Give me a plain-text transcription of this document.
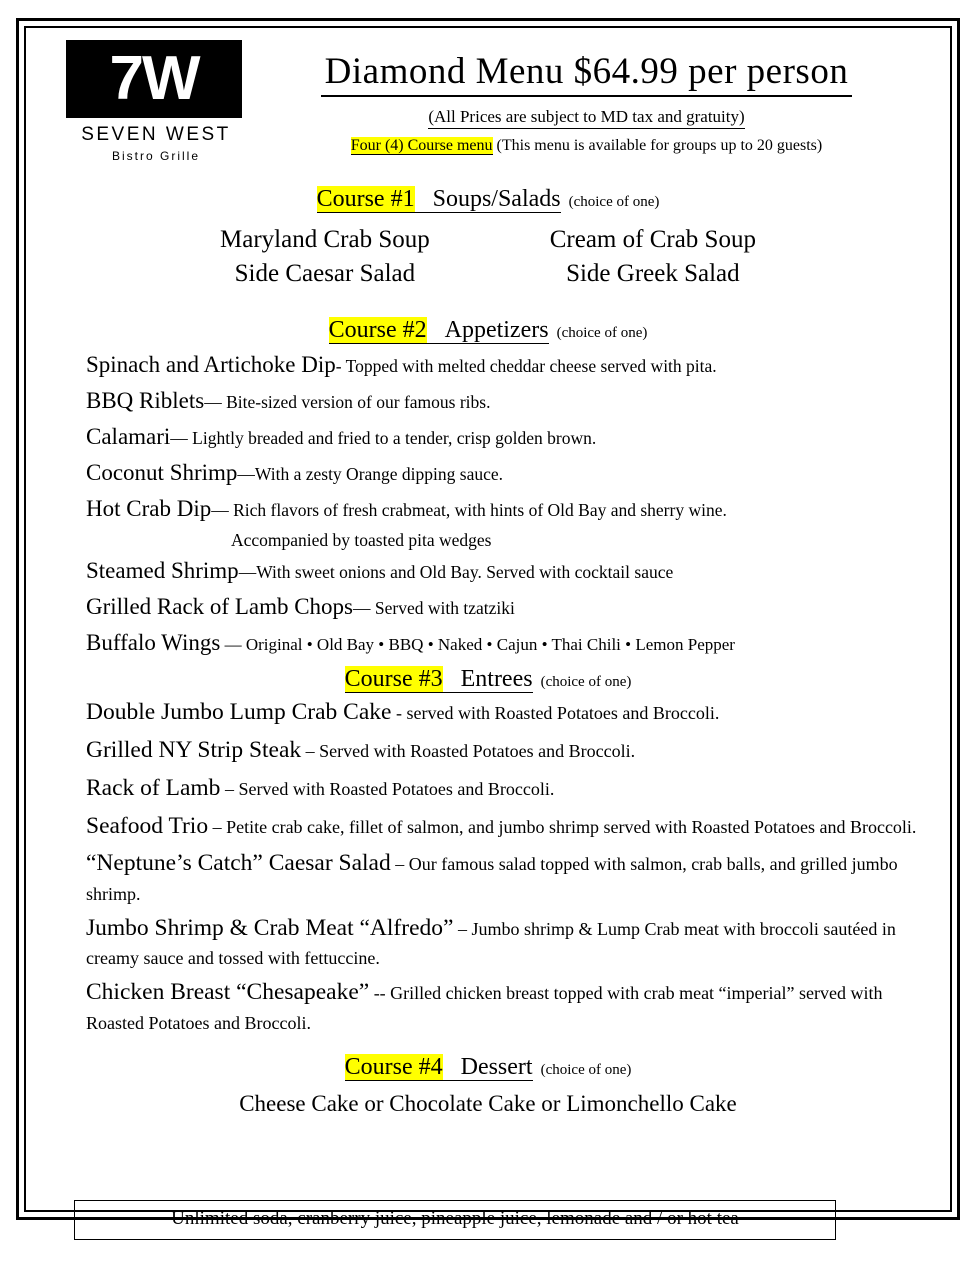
7W
SEVEN WEST
Bistro Grille
Diamond Menu $64.99 per person
(All Prices are subject to MD tax and gratuity)
Four (4) Course menu (This menu is available for groups up to 20 guests)
Course #1 Soups/Salads (choice of one)
Maryland Crab Soup
Side Caesar Salad
Cream of Crab Soup
Side Greek Salad
Course #2 Appetizers (choice of one)
Spinach and Artichoke Dip- Topped with melted cheddar cheese served with pita.
BBQ Riblets— Bite-sized version of our famous ribs.
Calamari— Lightly breaded and fried to a tender, crisp golden brown.
Coconut Shrimp—With a zesty Orange dipping sauce.
Hot Crab Dip— Rich flavors of fresh crabmeat, with hints of Old Bay and sherry wine.
Accompanied by toasted pita wedges
Steamed Shrimp—With sweet onions and Old Bay. Served with cocktail sauce
Grilled Rack of Lamb Chops— Served with tzatziki
Buffalo Wings — Original • Old Bay • BBQ • Naked • Cajun • Thai Chili • Lemon Pepper
Course #3 Entrees (choice of one)
Double Jumbo Lump Crab Cake - served with Roasted Potatoes and Broccoli.
Grilled NY Strip Steak – Served with Roasted Potatoes and Broccoli.
Rack of Lamb – Served with Roasted Potatoes and Broccoli.
Seafood Trio – Petite crab cake, fillet of salmon, and jumbo shrimp served with Roasted Potatoes and Broccoli.
“Neptune’s Catch” Caesar Salad – Our famous salad topped with salmon, crab balls, and grilled jumbo shrimp.
Jumbo Shrimp & Crab Meat “Alfredo” – Jumbo shrimp & Lump Crab meat with broccoli sautéed in creamy sauce and tossed with fettuccine.
Chicken Breast “Chesapeake” -- Grilled chicken breast topped with crab meat “imperial” served with Roasted Potatoes and Broccoli.
Course #4 Dessert (choice of one)
Cheese Cake or Chocolate Cake or Limonchello Cake
Unlimited soda, cranberry juice, pineapple juice, lemonade and / or hot tea
